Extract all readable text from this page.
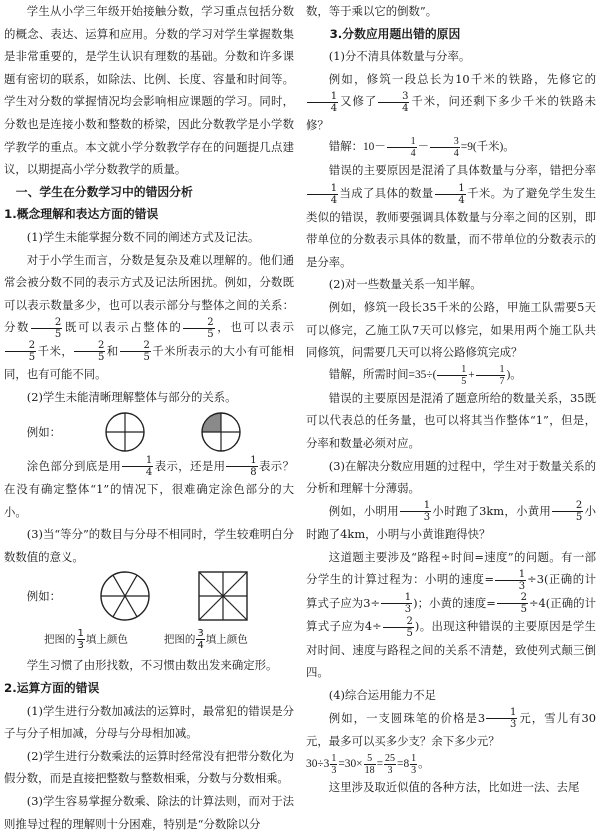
学生从小学三年级开始接触分数，学习重点包括分数的概念、表达、运算和应用。分数的学习对学生掌握数集是非常重要的，是学生认识有理数的基础。分数和许多课题有密切的联系，如除法、比例、长度、容量和时间等。学生对分数的掌握情况均会影响相应课题的学习。同时，分数也是连接小数和整数的桥梁，因此分数教学是小学数学教学的重点。本文就小学分数教学存在的问题提几点建议，以期提高小学分数教学的质量。

一、学生在分数学习中的错因分析

1.概念理解和表达方面的错误

(1)学生未能掌握分数不同的阐述方式及记法。

对于小学生而言，分数是复杂及难以理解的。他们通常会被分数不同的表示方式及记法所困扰。例如，分数既可以表示数量多少，也可以表示部分与整体之间的关系：分数 $\frac{2}{5}$ 既可以表示占整体的 $\frac{2}{5}$ ，也可以表示
$\frac{2}{5}$ 千米， $\frac{2}{5}$ 和 $\frac{2}{5}$ 千米所表示的大小有可能相同，也有可能不同。

(2)学生未能清晰理解整体与部分的关系。

例如：

涂色部分到底是用 $\frac{1}{4}$ 表示，还是用 $\frac{1}{8}$ 表示？在没有确定整体“1”的情况下，很难确定涂色部分的大小。

(3)当“等分”的数目与分母不相同时，学生较难明白分数数值的意义。

例如：
把图的 $\frac{1}{3}$ 填上颜色	把图的 $\frac{3}{4}$ 填上颜色

学生习惯了由形找数，不习惯由数出发来确定形。

2.运算方面的错误

(1)学生进行分数加减法的运算时，最常犯的错误是分子与分子相加减，分母与分母相加减。

(2)学生进行分数乘法的运算时经常没有把带分数化为假分数，而是直接把整数与整数相乘，分数与分数相乘。

(3)学生容易掌握分数乘、除法的计算法则，而对于法则推导过程的理解则十分困难，特别是“分数除以分

数，等于乘以它的倒数”。

3.分数应用题出错的原因

(1)分不清具体数量与分率。

例如，修筑一段总长为10千米的铁路，先修它的
$\frac{1}{4}$ 又修了 $\frac{3}{4}$ 千米，问还剩下多少千米的铁路未修？

错解：$10- \frac{1}{4} - \frac{3}{4} =9$(千米)。

错误的主要原因是混淆了具体数量与分率，错把分率
$\frac{1}{4}$ 当成了具体的数量 $\frac{1}{4}$ 千米。为了避免学生发生类似的错误，教师要强调具体数量与分率之间的区别，即带单位的分数表示具体的数量，而不带单位的分数表示的是分率。

(2)对一些数量关系一知半解。

例如，修筑一段长35千米的公路，甲施工队需要5天可以修完，乙施工队7天可以修完，如果用两个施工队共同修筑，问需要几天可以将公路修筑完成？

错解，所需时间$=35\div( \frac{1}{5} + \frac{1}{7}$ )。

错误的主要原因是混淆了题意所给的数量关系，35既可以代表总的任务量，也可以将其当作整体“1”，但是，分率和数量必须对应。

(3)在解决分数应用题的过程中，学生对于数量关系的分析和理解十分薄弱。

例如，小明用 $\frac{1}{3}$ 小时跑了3km，小黄用 $\frac{2}{5}$ 小时跑了4km，小明与小黄谁跑得快？

这道题主要涉及“路程÷时间=速度”的问题。有一部分学生的计算过程为：小明的速度= $\frac{1}{3} \div 3$(正确的计算式子应为$3\div \frac{1}{3}$ )；小黄的速度= $\frac{2}{5} \div 4$(正确的计算式子应为$4\div \frac{2}{5}$ )。出现这种错误的主要原因是学生对时间、速度与路程之间的关系不清楚，致使列式颠三倒四。

(4)综合运用能力不足

例如，一支圆珠笔的价格是$3 \frac{1}{3}$ 元，雪儿有30元，最多可以买多少支？余下多少元？

$30\div 3 \frac{1}{3} =30\times \frac{5}{18} = \frac{25}{3} =8 \frac{1}{3}$ 。

这里涉及取近似值的各种方法，比如进一法、去尾
